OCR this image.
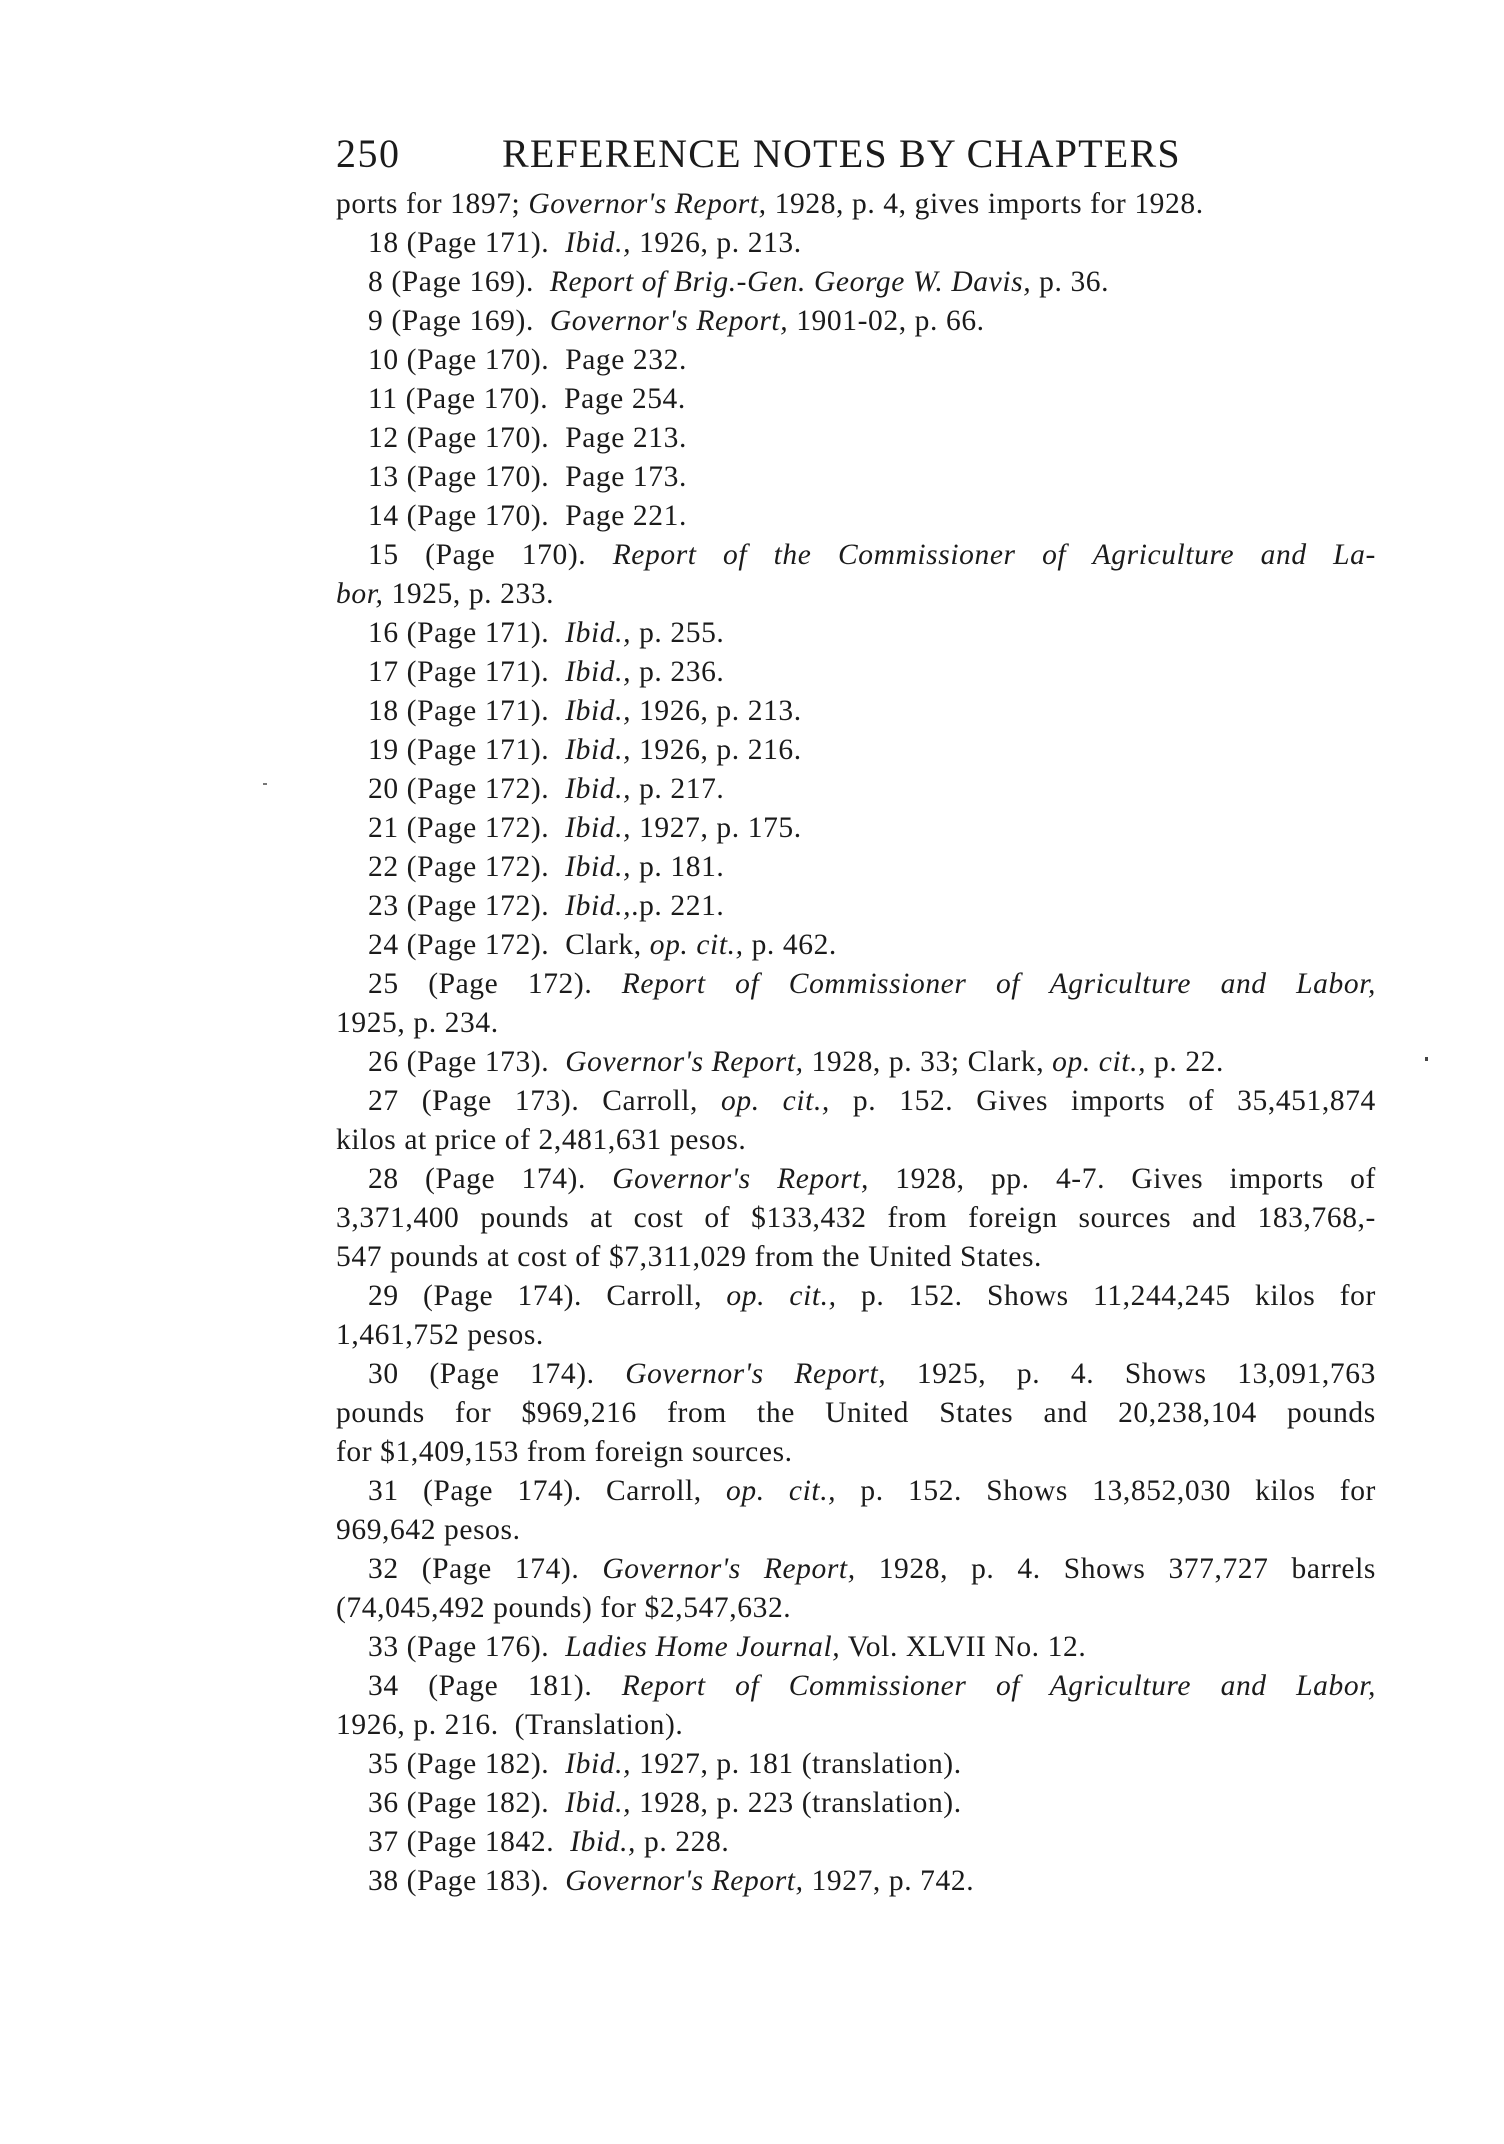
250	REFERENCE NOTES BY CHAPTERS
ports for 1897; Governor's Report, 1928, p. 4, gives imports for 1928.
18 (Page 171).  Ibid., 1926, p. 213.
8 (Page 169).  Report of Brig.-Gen. George W. Davis, p. 36.
9 (Page 169).  Governor's Report, 1901-02, p. 66.
10 (Page 170).  Page 232.
11 (Page 170).  Page 254.
12 (Page 170).  Page 213.
13 (Page 170).  Page 173.
14 (Page 170).  Page 221.
15 (Page 170). Report of the Commissioner of Agriculture and La-
bor, 1925, p. 233.
16 (Page 171).  Ibid., p. 255.
17 (Page 171).  Ibid., p. 236.
18 (Page 171).  Ibid., 1926, p. 213.
19 (Page 171).  Ibid., 1926, p. 216.
20 (Page 172).  Ibid., p. 217.
21 (Page 172).  Ibid., 1927, p. 175.
22 (Page 172).  Ibid., p. 181.
23 (Page 172).  Ibid.,.p. 221.
24 (Page 172).  Clark, op. cit., p. 462.
25 (Page 172). Report of Commissioner of Agriculture and Labor,
1925, p. 234.
26 (Page 173).  Governor's Report, 1928, p. 33; Clark, op. cit., p. 22.
27 (Page 173). Carroll, op. cit., p. 152. Gives imports of 35,451,874
kilos at price of 2,481,631 pesos.
28 (Page 174). Governor's Report, 1928, pp. 4-7. Gives imports of
3,371,400 pounds at cost of $133,432 from foreign sources and 183,768,-
547 pounds at cost of $7,311,029 from the United States.
29 (Page 174). Carroll, op. cit., p. 152. Shows 11,244,245 kilos for
1,461,752 pesos.
30 (Page 174). Governor's Report, 1925, p. 4. Shows 13,091,763
pounds for $969,216 from the United States and 20,238,104 pounds
for $1,409,153 from foreign sources.
31 (Page 174). Carroll, op. cit., p. 152. Shows 13,852,030 kilos for
969,642 pesos.
32 (Page 174). Governor's Report, 1928, p. 4. Shows 377,727 barrels
(74,045,492 pounds) for $2,547,632.
33 (Page 176).  Ladies Home Journal, Vol. XLVII No. 12.
34 (Page 181). Report of Commissioner of Agriculture and Labor,
1926, p. 216.  (Translation).
35 (Page 182).  Ibid., 1927, p. 181 (translation).
36 (Page 182).  Ibid., 1928, p. 223 (translation).
37 (Page 1842.  Ibid., p. 228.
38 (Page 183).  Governor's Report, 1927, p. 742.
